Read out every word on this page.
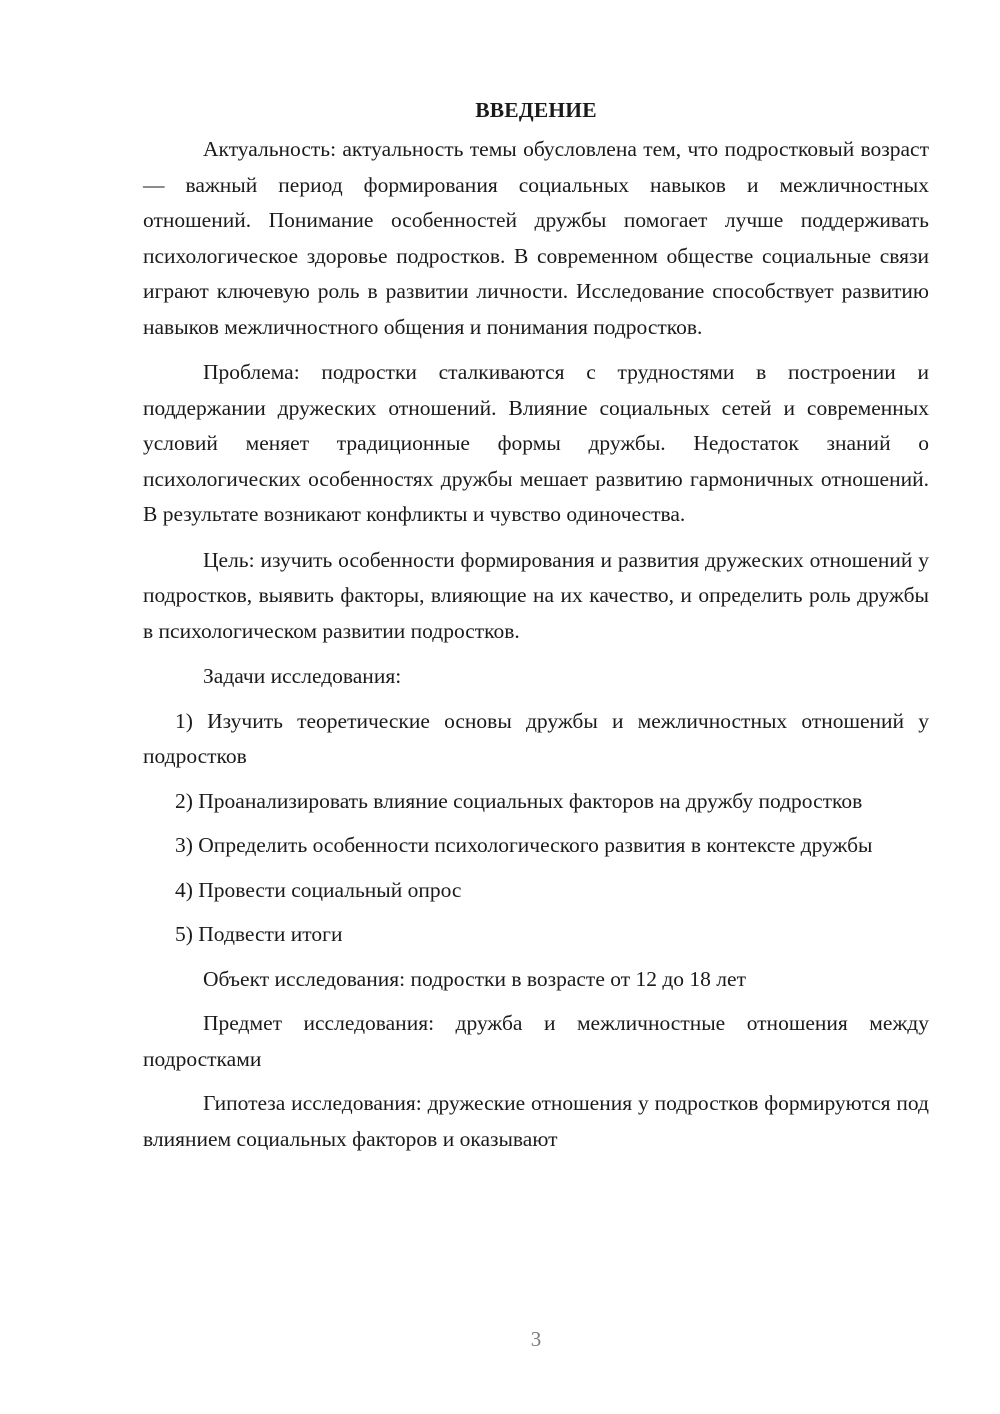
ВВЕДЕНИЕ

Актуальность: актуальность темы обусловлена тем, что подростковый возраст — важный период формирования социальных навыков и межличностных отношений. Понимание особенностей дружбы помогает лучше поддерживать психологическое здоровье подростков. В современном обществе социальные связи играют ключевую роль в развитии личности. Исследование способствует развитию навыков межличностного общения и понимания подростков.

Проблема: подростки сталкиваются с трудностями в построении и поддержании дружеских отношений. Влияние социальных сетей и современных условий меняет традиционные формы дружбы. Недостаток знаний о психологических особенностях дружбы мешает развитию гармоничных отношений. В результате возникают конфликты и чувство одиночества.

Цель: изучить особенности формирования и развития дружеских отношений у подростков, выявить факторы, влияющие на их качество, и определить роль дружбы в психологическом развитии подростков.

Задачи исследования:

1) Изучить теоретические основы дружбы и межличностных отношений у подростков

2) Проанализировать влияние социальных факторов на дружбу подростков

3) Определить особенности психологического развития в контексте дружбы

4) Провести социальный опрос

5) Подвести итоги

Объект исследования: подростки в возрасте от 12 до 18 лет

Предмет исследования: дружба и межличностные отношения между подростками

Гипотеза исследования: дружеские отношения у подростков формируются под влиянием социальных факторов и оказывают

3
